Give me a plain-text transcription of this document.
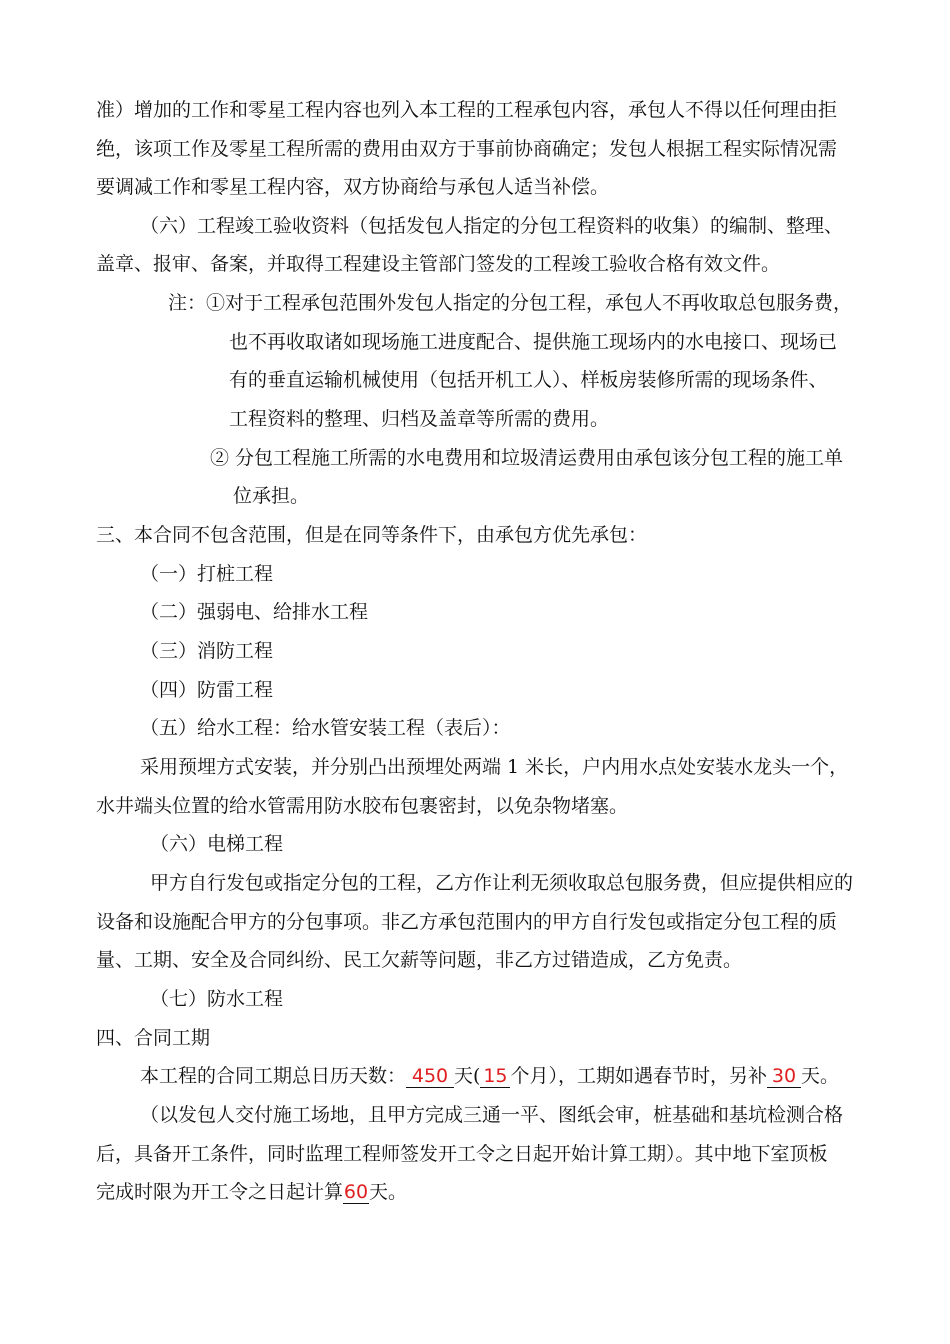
准）增加的工作和零星工程内容也列入本工程的工程承包内容，承包人不得以任何理由拒
绝，该项工作及零星工程所需的费用由双方于事前协商确定；发包人根据工程实际情况需
要调减工作和零星工程内容，双方协商给与承包人适当补偿。
（六）工程竣工验收资料（包括发包人指定的分包工程资料的收集）的编制、整理、
盖章、报审、备案，并取得工程建设主管部门签发的工程竣工验收合格有效文件。
注：①对于工程承包范围外发包人指定的分包工程，承包人不再收取总包服务费，
也不再收取诸如现场施工进度配合、提供施工现场内的水电接口、现场已
有的垂直运输机械使用（包括开机工人）、样板房装修所需的现场条件、
工程资料的整理、归档及盖章等所需的费用。
② 分包工程施工所需的水电费用和垃圾清运费用由承包该分包工程的施工单
位承担。
三、本合同不包含范围，但是在同等条件下，由承包方优先承包：
（一）打桩工程
（二）强弱电、给排水工程
（三）消防工程
（四）防雷工程
（五）给水工程：给水管安装工程（表后）：
采用预埋方式安装，并分别凸出预埋处两端 1 米长，户内用水点处安装水龙头一个，
水井端头位置的给水管需用防水胶布包裹密封，以免杂物堵塞。
（六）电梯工程
甲方自行发包或指定分包的工程，乙方作让利无须收取总包服务费，但应提供相应的
设备和设施配合甲方的分包事项。非乙方承包范围内的甲方自行发包或指定分包工程的质
量、工期、安全及合同纠纷、民工欠薪等问题，非乙方过错造成，乙方免责。
（七）防水工程
四、合同工期
本工程的合同工期总日历天数： 450 天( 15 个月），工期如遇春节时，另补 30 天。
（以发包人交付施工场地，且甲方完成三通一平、图纸会审，桩基础和基坑检测合格
后，具备开工条件，同时监理工程师签发开工令之日起开始计算工期）。其中地下室顶板
完成时限为开工令之日起计算60天。
